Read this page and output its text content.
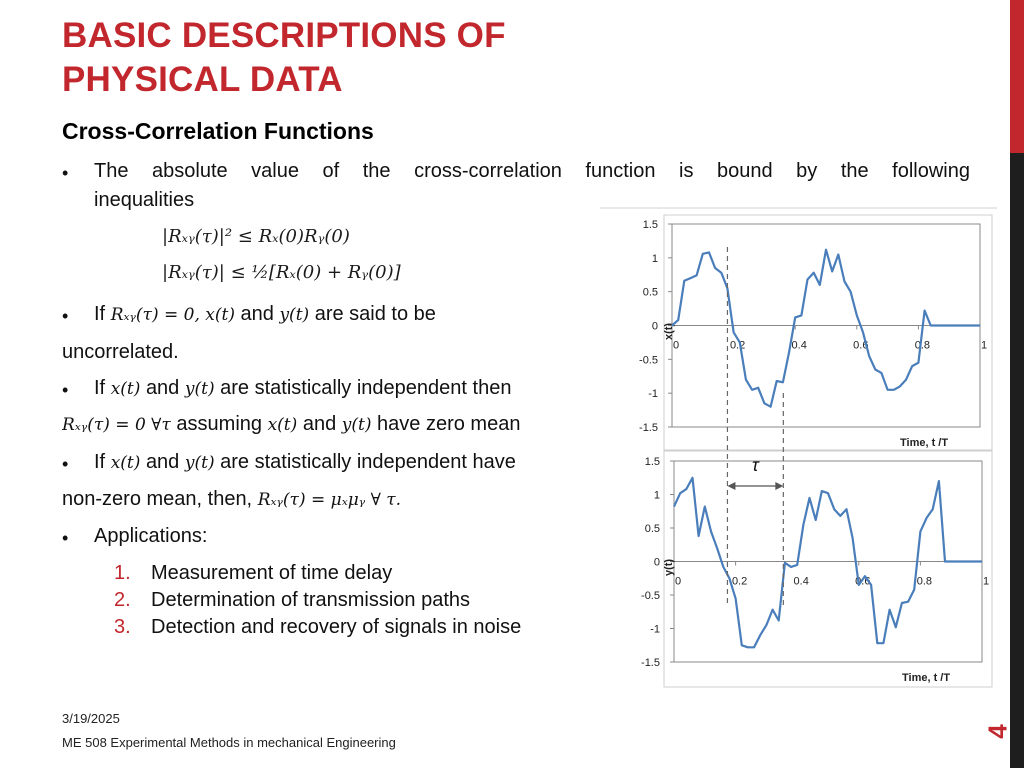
4
BASIC DESCRIPTIONS OF
PHYSICAL DATA
Cross-Correlation Functions
• The absolute value of the cross-correlation function is bound by the following
inequalities
|Rₓᵧ(τ)|² ≤ Rₓ(0)Rᵧ(0)
|Rₓᵧ(τ)| ≤ ½[Rₓ(0) + Rᵧ(0)]
• If Rₓᵧ(τ) = 0, x(t) and y(t) are said to be
uncorrelated.
• If x(t) and y(t) are statistically independent then
Rₓᵧ(τ) = 0 ∀τ assuming x(t) and y(t) have zero mean
• If x(t) and y(t) are statistically independent have
non-zero mean, then, Rₓᵧ(τ) = μₓμᵧ ∀ τ.
• Applications:
1. Measurement of time delay
2. Determination of transmission paths
3. Detection and recovery of signals in noise
3/19/2025
ME 508 Experimental Methods in mechanical Engineering
1.5
1
0.5
0
-0.5
-1
-1.5
0	0.2	0.4	0.6	0.8	1
Time, t /T
x(t)
1.5
1
0.5
0
-0.5
-1
-1.5
0	0.2	0.4	0.6	0.8	1
Time, t /T
y(t)
τ
